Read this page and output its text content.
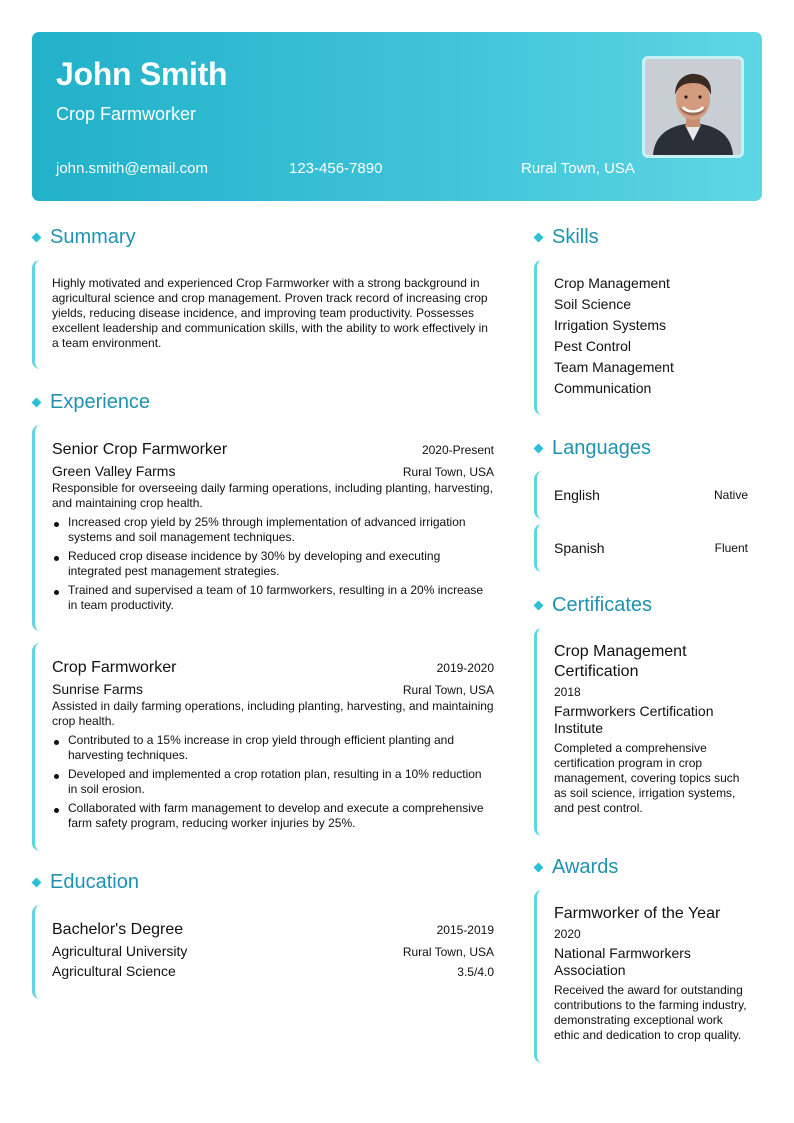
John Smith
Crop Farmworker
john.smith@email.com	123-456-7890	Rural Town, USA
Summary
Highly motivated and experienced Crop Farmworker with a strong background in agricultural science and crop management. Proven track record of increasing crop yields, reducing disease incidence, and improving team productivity. Possesses excellent leadership and communication skills, with the ability to work effectively in a team environment.
Experience
Senior Crop Farmworker	2020-Present
Green Valley Farms	Rural Town, USA
Responsible for overseeing daily farming operations, including planting, harvesting, and maintaining crop health.
Increased crop yield by 25% through implementation of advanced irrigation systems and soil management techniques.
Reduced crop disease incidence by 30% by developing and executing integrated pest management strategies.
Trained and supervised a team of 10 farmworkers, resulting in a 20% increase in team productivity.
Crop Farmworker	2019-2020
Sunrise Farms	Rural Town, USA
Assisted in daily farming operations, including planting, harvesting, and maintaining crop health.
Contributed to a 15% increase in crop yield through efficient planting and harvesting techniques.
Developed and implemented a crop rotation plan, resulting in a 10% reduction in soil erosion.
Collaborated with farm management to develop and execute a comprehensive farm safety program, reducing worker injuries by 25%.
Education
Bachelor's Degree	2015-2019
Agricultural University	Rural Town, USA
Agricultural Science	3.5/4.0
Skills
Crop Management
Soil Science
Irrigation Systems
Pest Control
Team Management
Communication
Languages
English	Native
Spanish	Fluent
Certificates
Crop Management Certification
2018
Farmworkers Certification Institute
Completed a comprehensive certification program in crop management, covering topics such as soil science, irrigation systems, and pest control.
Awards
Farmworker of the Year
2020
National Farmworkers Association
Received the award for outstanding contributions to the farming industry, demonstrating exceptional work ethic and dedication to crop quality.
